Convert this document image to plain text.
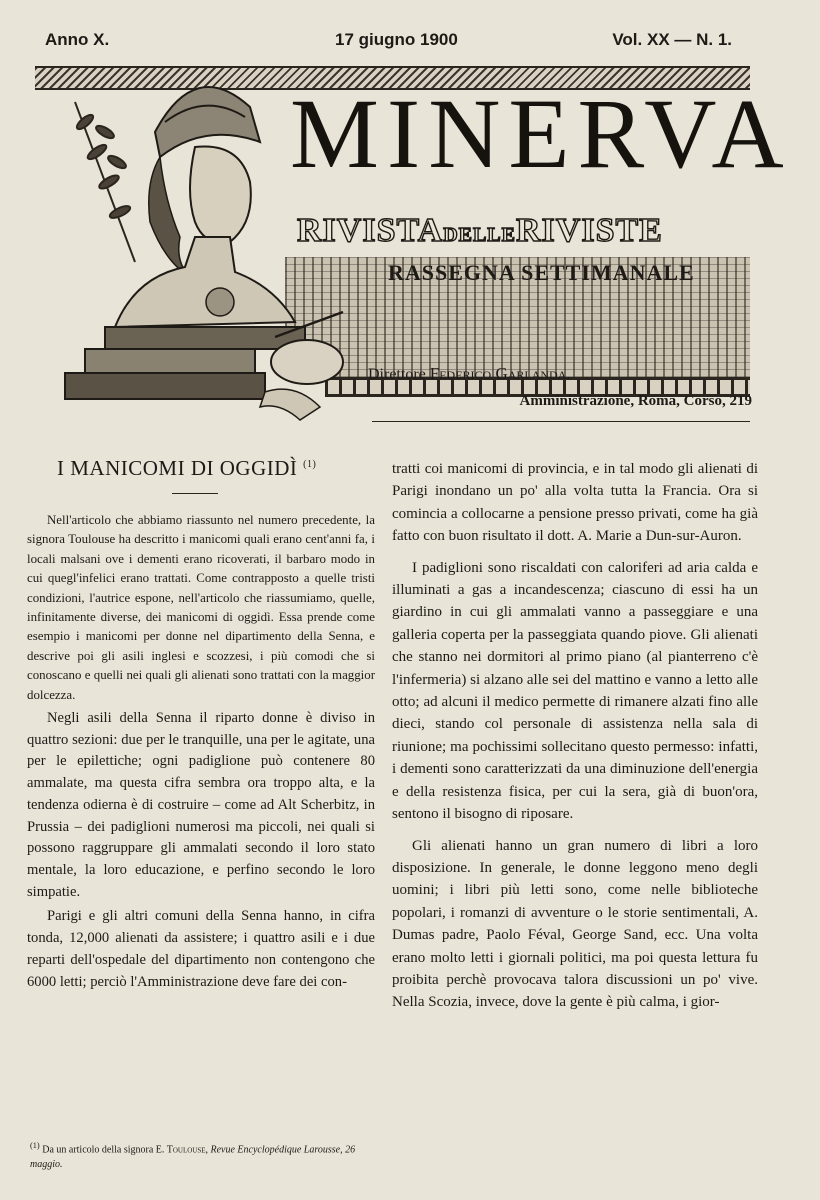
Anno X.	17 giugno 1900	Vol. XX — N. 1.
MINERVA
RIVISTADELLERIVISTE
RASSEGNA SETTIMANALE
Direttore Federico Garlanda.
Amministrazione, Roma, Corso, 219
I MANICOMI DI OGGIDÌ $^{(1)}$

Nell'articolo che abbiamo riassunto nel numero precedente, la signora Toulouse ha descritto i manicomi quali erano cent'anni fa, i locali malsani ove i dementi erano ricoverati, il barbaro modo in cui quegl'infelici erano trattati. Come contrapposto a quelle tristi condizioni, l'autrice espone, nell'articolo che riassumiamo, quelle, infinitamente diverse, dei manicomi di oggidì. Essa prende come esempio i manicomi per donne nel dipartimento della Senna, e descrive poi gli asili inglesi e scozzesi, i più comodi che si conoscano e quelli nei quali gli alienati sono trattati con la maggior dolcezza.

Negli asili della Senna il riparto donne è diviso in quattro sezioni: due per le tranquille, una per le agitate, una per le epilettiche; ogni padiglione può contenere 80 ammalate, ma questa cifra sembra ora troppo alta, e la tendenza odierna è di costruire – come ad Alt Scherbitz, in Prussia – dei padiglioni numerosi ma piccoli, nei quali si possono raggruppare gli ammalati secondo il loro stato mentale, la loro educazione, e perfino secondo le loro simpatie.

Parigi e gli altri comuni della Senna hanno, in cifra tonda, 12,000 alienati da assistere; i quattro asili e i due reparti dell'ospedale del dipartimento non contengono che 6000 letti; perciò l'Amministrazione deve fare dei con-

$^{(1)}$ Da un articolo della signora E. Toulouse, Revue Encyclopédique Larousse, 26 maggio.

tratti coi manicomi di provincia, e in tal modo gli alienati di Parigi inondano un po' alla volta tutta la Francia. Ora si comincia a collocarne a pensione presso privati, come ha già fatto con buon risultato il dott. A. Marie a Dun-sur-Auron.

I padiglioni sono riscaldati con caloriferi ad aria calda e illuminati a gas a incandescenza; ciascuno di essi ha un giardino in cui gli ammalati vanno a passeggiare e una galleria coperta per la passeggiata quando piove. Gli alienati che stanno nei dormitori al primo piano (al pianterreno c'è l'infermeria) si alzano alle sei del mattino e vanno a letto alle otto; ad alcuni il medico permette di rimanere alzati fino alle dieci, stando col personale di assistenza nella sala di riunione; ma pochissimi sollecitano questo permesso: infatti, i dementi sono caratterizzati da una diminuzione dell'energia e della resistenza fisica, per cui la sera, già di buon'ora, sentono il bisogno di riposare.

Gli alienati hanno un gran numero di libri a loro disposizione. In generale, le donne leggono meno degli uomini; i libri più letti sono, come nelle biblioteche popolari, i romanzi di avventure o le storie sentimentali, A. Dumas padre, Paolo Féval, George Sand, ecc. Una volta erano molto letti i giornali politici, ma poi questa lettura fu proibita perchè provocava talora discussioni un po' vive. Nella Scozia, invece, dove la gente è più calma, i gior-
